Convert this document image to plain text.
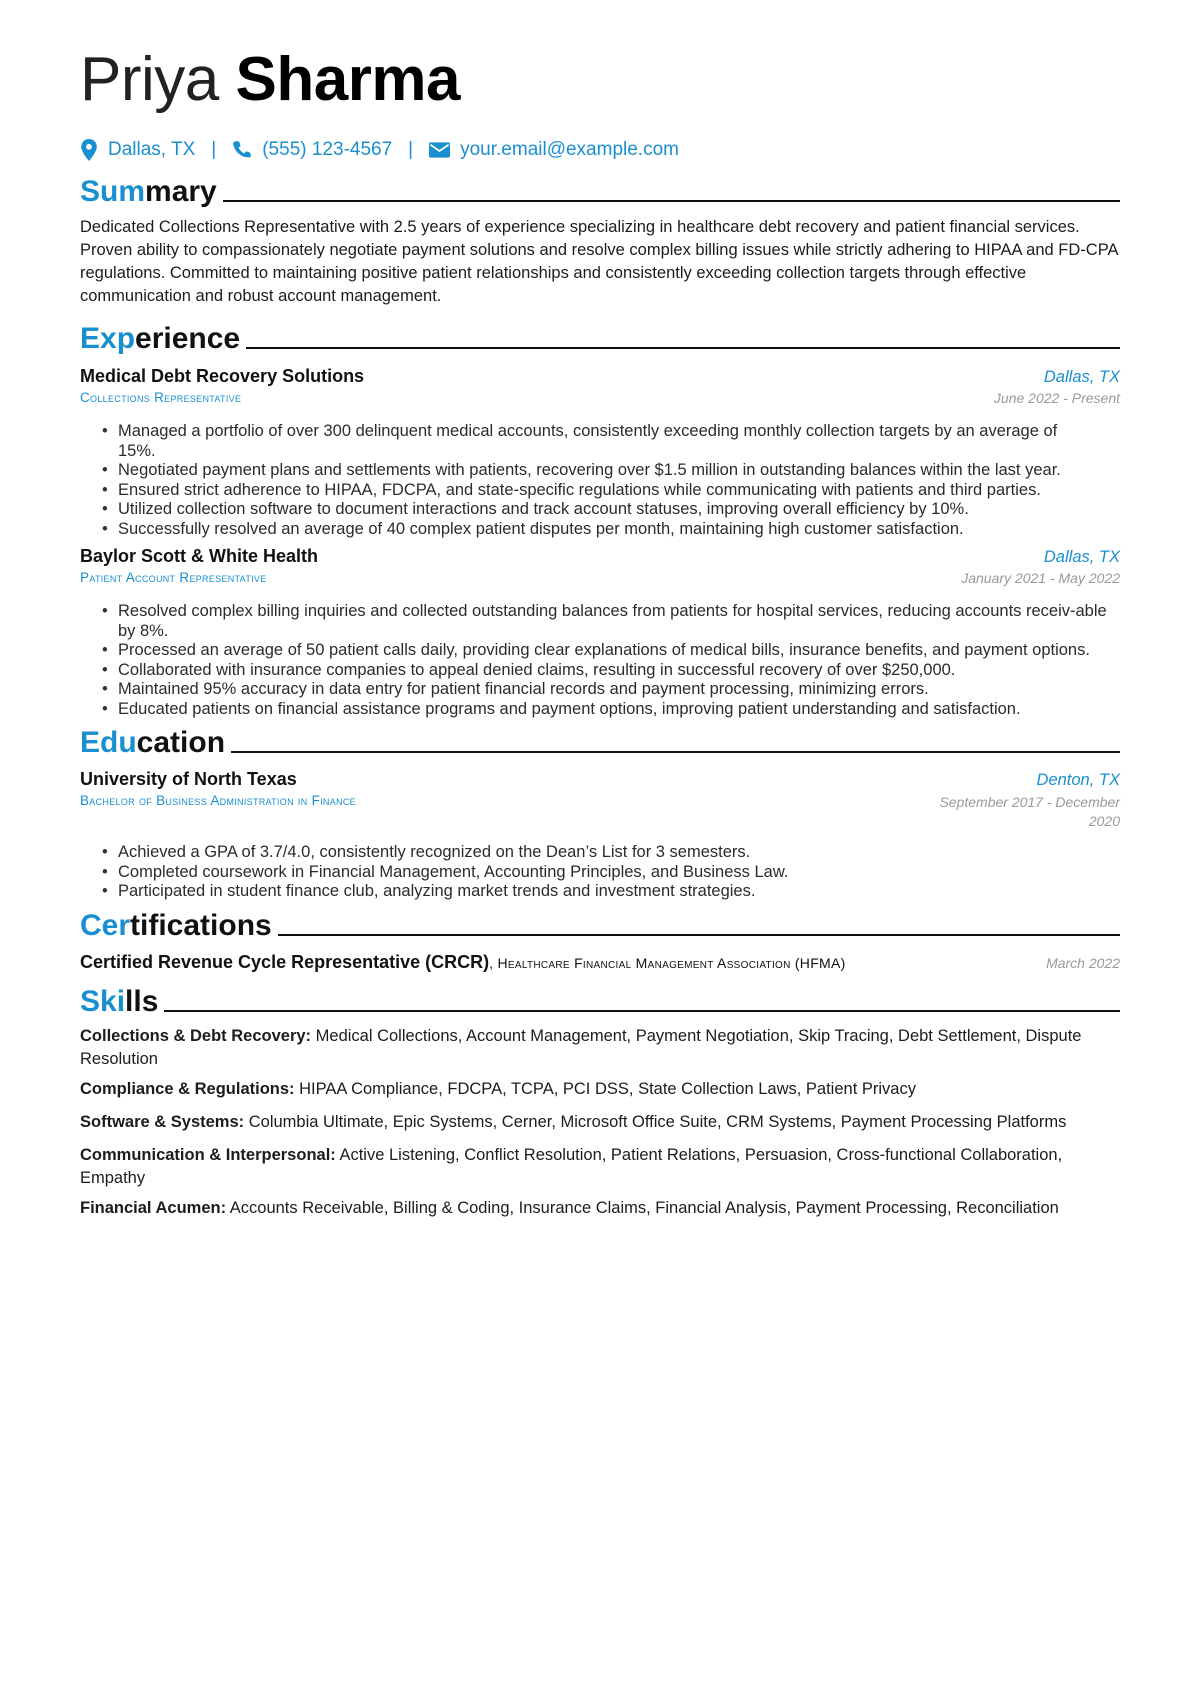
Priya Sharma
Dallas, TX | (555) 123-4567 | your.email@example.com
Summary
Dedicated Collections Representative with 2.5 years of experience specializing in healthcare debt recovery and patient financial services. Proven ability to compassionately negotiate payment solutions and resolve complex billing issues while strictly adhering to HIPAA and FD-CPA regulations. Committed to maintaining positive patient relationships and consistently exceeding collection targets through effective communication and robust account management.
Experience
Medical Debt Recovery Solutions	Dallas, TX
Collections Representative	June 2022 - Present
• Managed a portfolio of over 300 delinquent medical accounts, consistently exceeding monthly collection targets by an average of 15%.
• Negotiated payment plans and settlements with patients, recovering over $1.5 million in outstanding balances within the last year.
• Ensured strict adherence to HIPAA, FDCPA, and state-specific regulations while communicating with patients and third parties.
• Utilized collection software to document interactions and track account statuses, improving overall efficiency by 10%.
• Successfully resolved an average of 40 complex patient disputes per month, maintaining high customer satisfaction.
Baylor Scott & White Health	Dallas, TX
Patient Account Representative	January 2021 - May 2022
• Resolved complex billing inquiries and collected outstanding balances from patients for hospital services, reducing accounts receiv-able by 8%.
• Processed an average of 50 patient calls daily, providing clear explanations of medical bills, insurance benefits, and payment options.
• Collaborated with insurance companies to appeal denied claims, resulting in successful recovery of over $250,000.
• Maintained 95% accuracy in data entry for patient financial records and payment processing, minimizing errors.
• Educated patients on financial assistance programs and payment options, improving patient understanding and satisfaction.
Education
University of North Texas	Denton, TX
Bachelor of Business Administration in Finance	September 2017 - December 2020
• Achieved a GPA of 3.7/4.0, consistently recognized on the Dean’s List for 3 semesters.
• Completed coursework in Financial Management, Accounting Principles, and Business Law.
• Participated in student finance club, analyzing market trends and investment strategies.
Certifications
Certified Revenue Cycle Representative (CRCR), Healthcare Financial Management Association (HFMA)	March 2022
Skills
Collections & Debt Recovery: Medical Collections, Account Management, Payment Negotiation, Skip Tracing, Debt Settlement, Dispute Resolution
Compliance & Regulations: HIPAA Compliance, FDCPA, TCPA, PCI DSS, State Collection Laws, Patient Privacy
Software & Systems: Columbia Ultimate, Epic Systems, Cerner, Microsoft Office Suite, CRM Systems, Payment Processing Platforms
Communication & Interpersonal: Active Listening, Conflict Resolution, Patient Relations, Persuasion, Cross-functional Collaboration, Empathy
Financial Acumen: Accounts Receivable, Billing & Coding, Insurance Claims, Financial Analysis, Payment Processing, Reconciliation
